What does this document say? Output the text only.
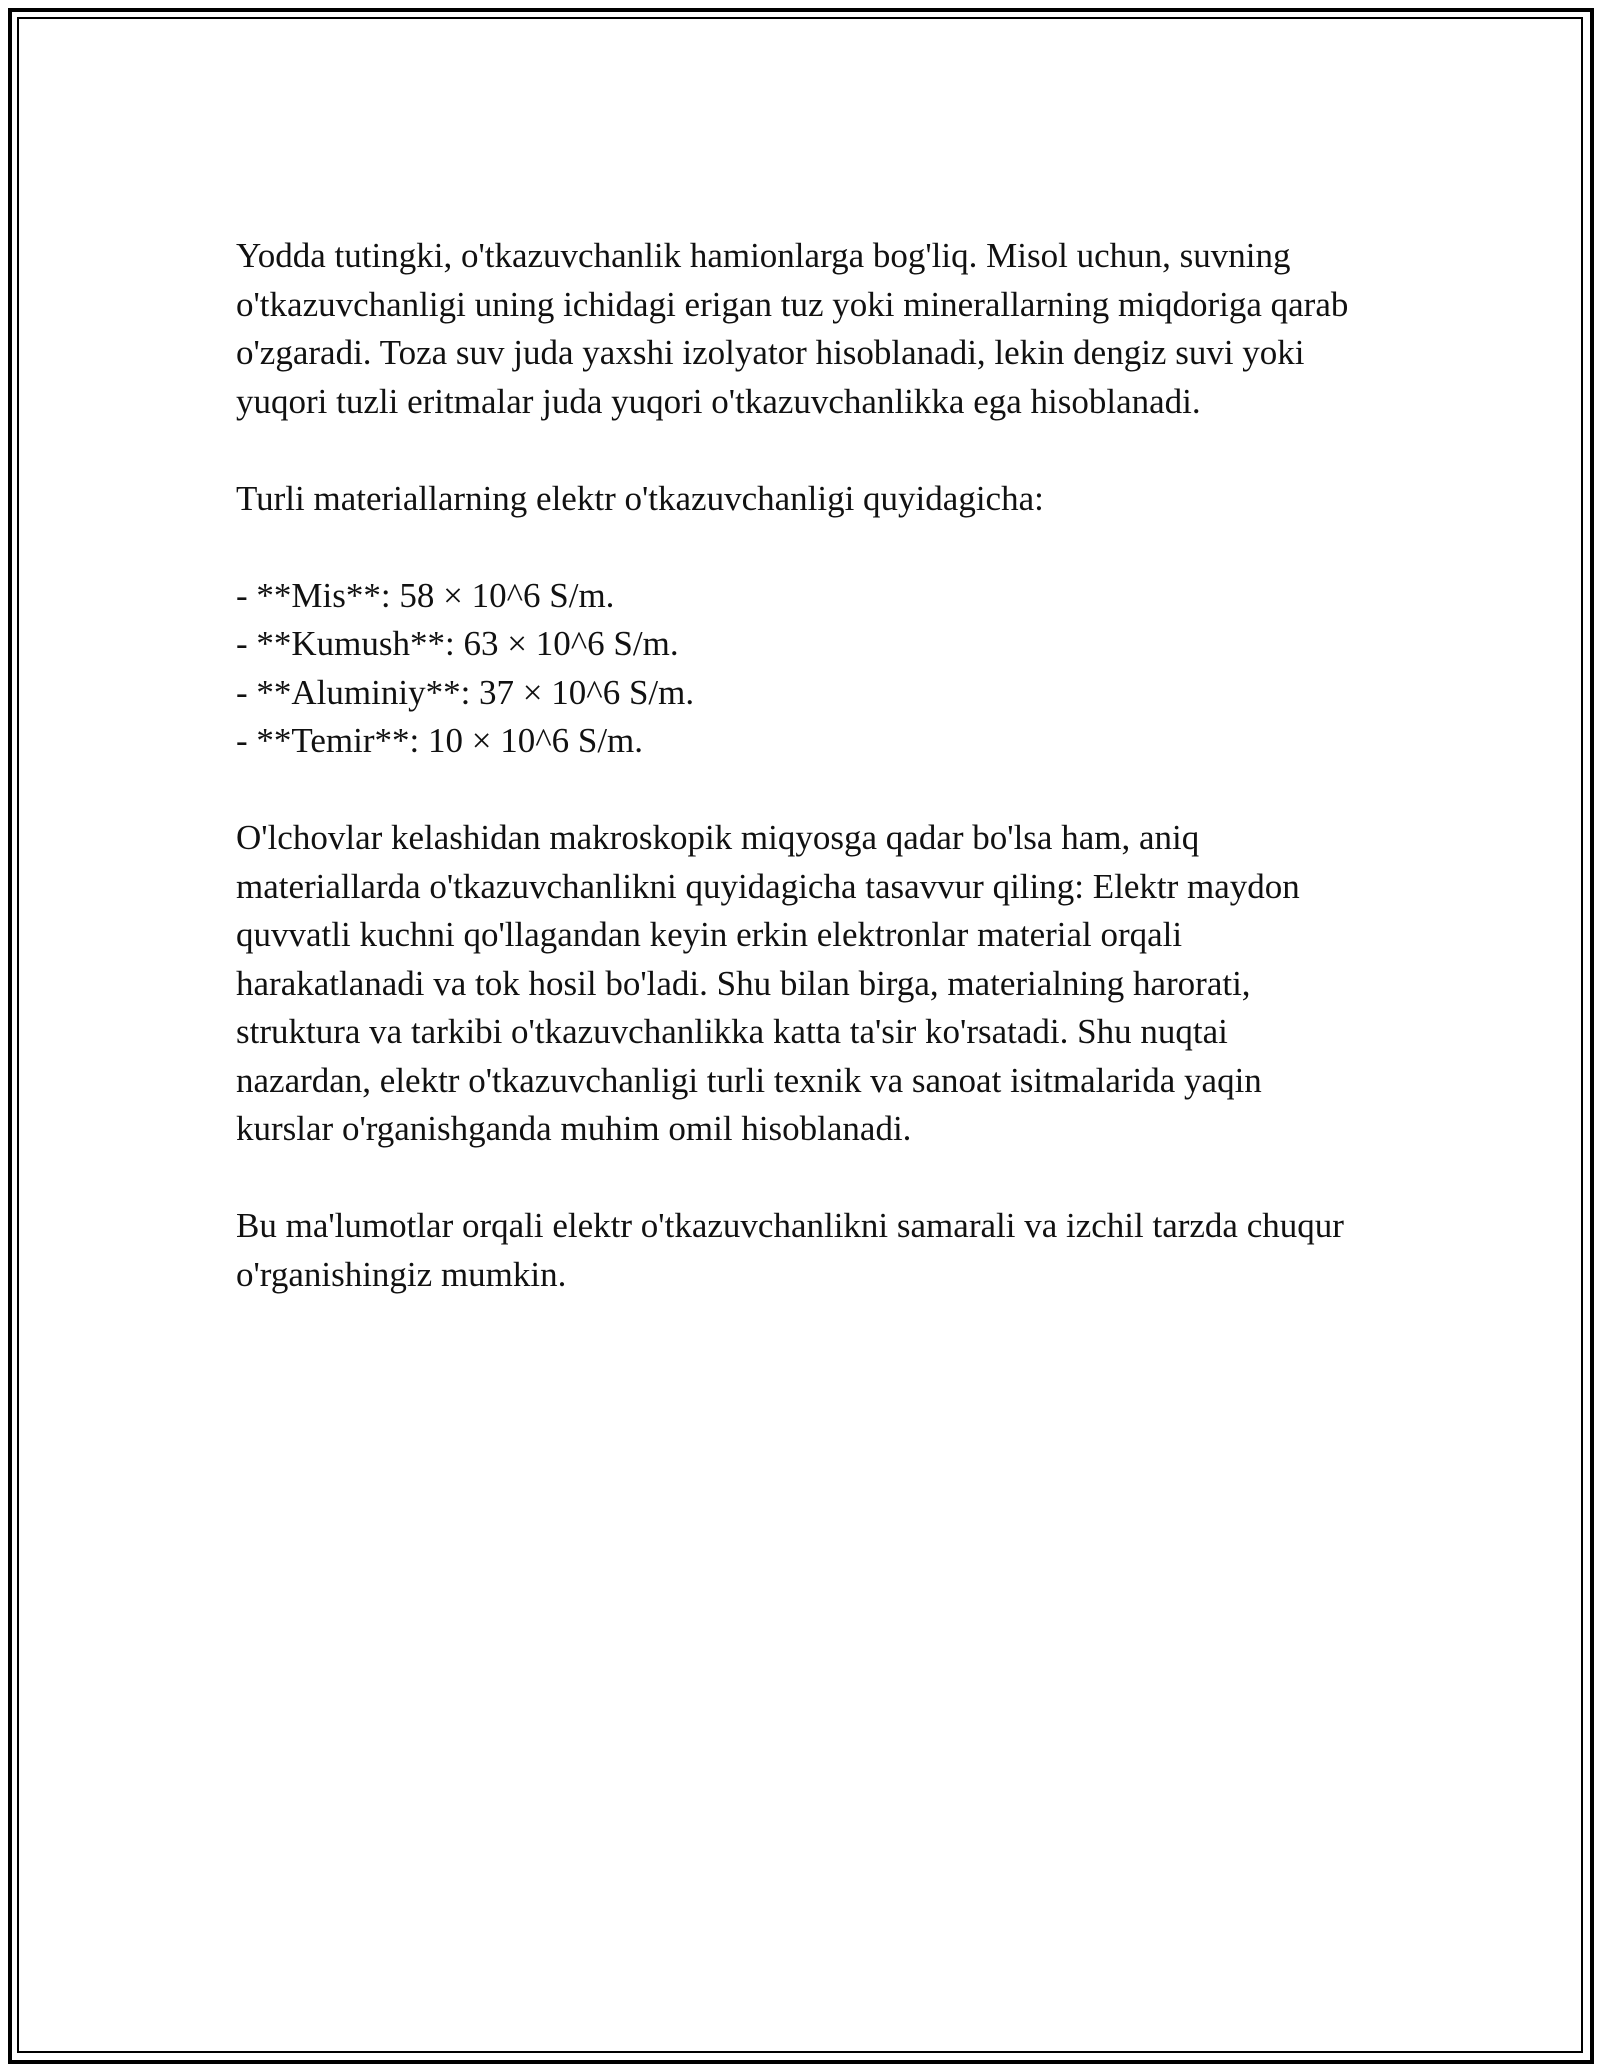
Yodda tutingki, o'tkazuvchanlik hamionlarga bog'liq. Misol uchun, suvning o'tkazuvchanligi uning ichidagi erigan tuz yoki minerallarning miqdoriga qarab o'zgaradi. Toza suv juda yaxshi izolyator hisoblanadi, lekin dengiz suvi yoki yuqori tuzli eritmalar juda yuqori o'tkazuvchanlikka ega hisoblanadi.

Turli materiallarning elektr o'tkazuvchanligi quyidagicha:

- **Mis**: 58 × 10^6 S/m.
- **Kumush**: 63 × 10^6 S/m.
- **Aluminiy**: 37 × 10^6 S/m.
- **Temir**: 10 × 10^6 S/m.

O'lchovlar kelashidan makroskopik miqyosga qadar bo'lsa ham, aniq materiallarda o'tkazuvchanlikni quyidagicha tasavvur qiling: Elektr maydon quvvatli kuchni qo'llagandan keyin erkin elektronlar material orqali harakatlanadi va tok hosil bo'ladi. Shu bilan birga, materialning harorati, struktura va tarkibi o'tkazuvchanlikka katta ta'sir ko'rsatadi. Shu nuqtai nazardan, elektr o'tkazuvchanligi turli texnik va sanoat isitmalarida yaqin kurslar o'rganishganda muhim omil hisoblanadi.

Bu ma'lumotlar orqali elektr o'tkazuvchanlikni samarali va izchil tarzda chuqur o'rganishingiz mumkin.
